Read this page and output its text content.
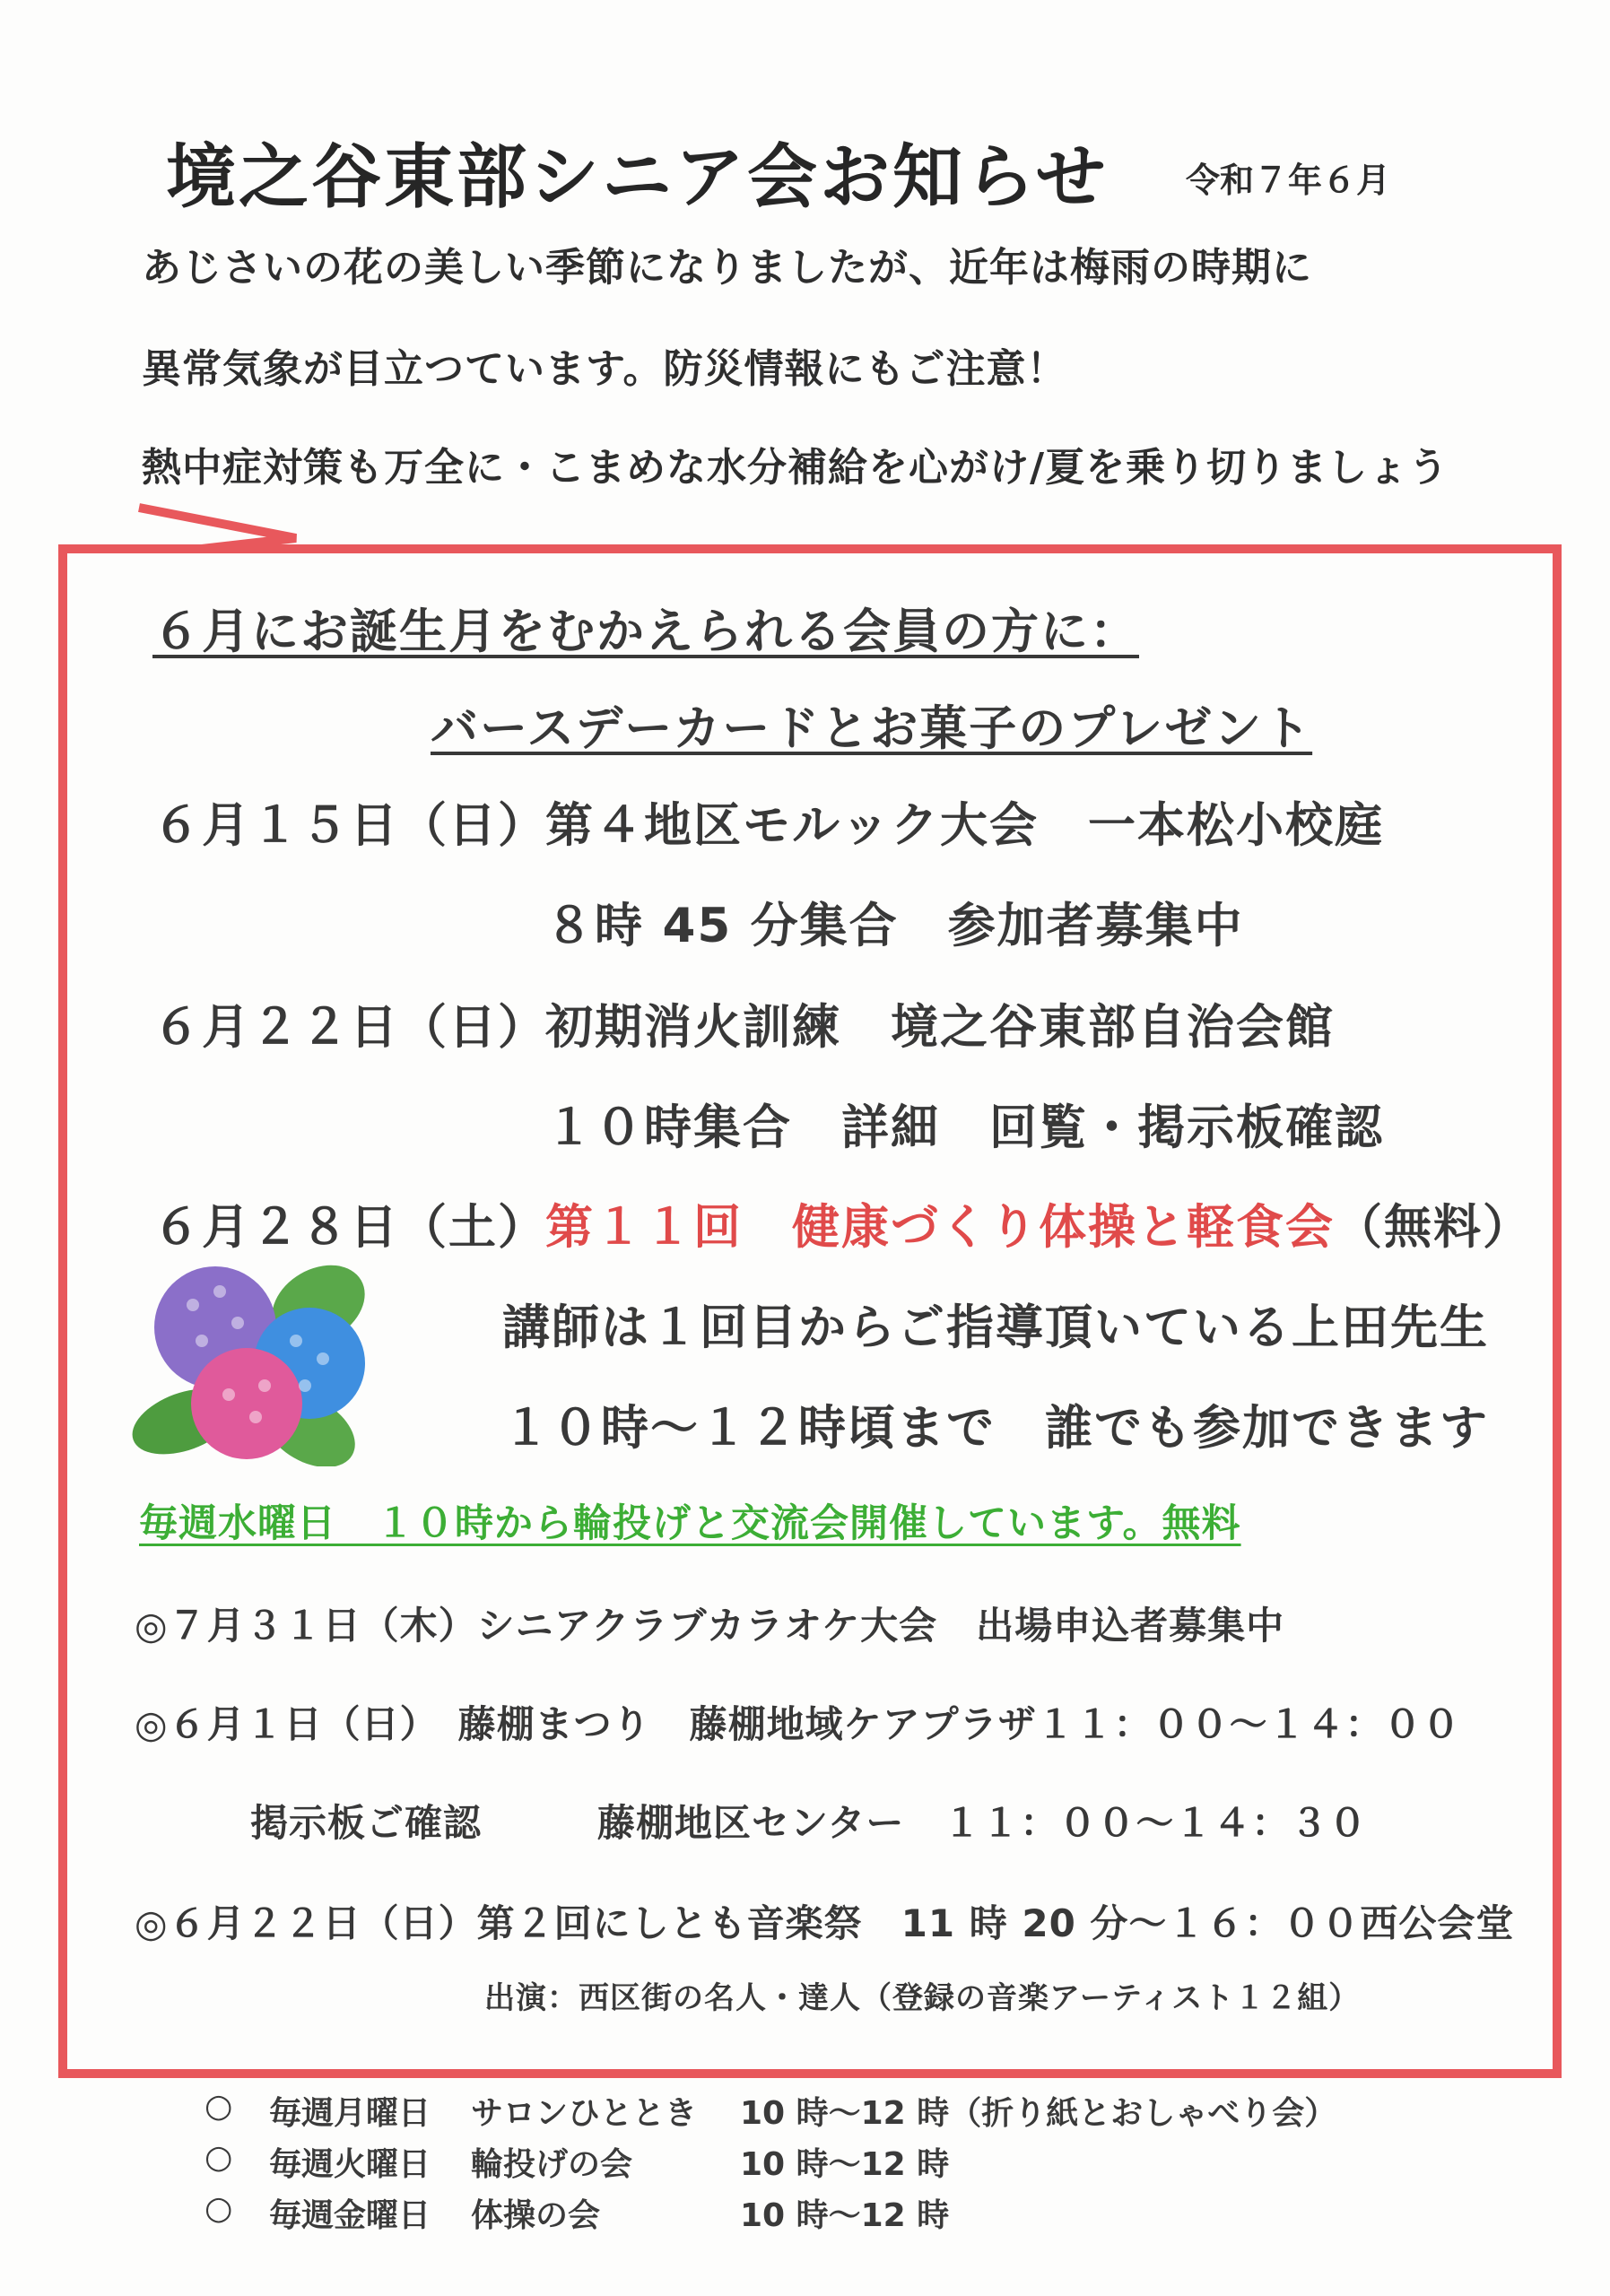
境之谷東部シニア会お知らせ 令和７年６月
あじさいの花の美しい季節になりましたが、近年は梅雨の時期に
異常気象が目立つています。防災情報にもご注意！
熱中症対策も万全に・こまめな水分補給を心がけ/夏を乗り切りましょう
６月にお誕生月をむかえられる会員の方に：
バースデーカードとお菓子のプレゼント
６月１５日（日）
第４地区モルック大会　一本松小校庭
８時 45 分集合　参加者募集中
６月２２日（日）
初期消火訓練　境之谷東部自治会館
１０時集合　詳細　回覧・掲示板確認
６月２８日（土）
第１１回　健康づくり体操と軽食会 （無料）
講師は１回目からご指導頂いている上田先生
１０時～１２時頃まで　誰でも参加できます
毎週水曜日　１０時から輪投げと交流会開催しています。無料
◎７月３１日（木）シニアクラブカラオケ大会　出場申込者募集中
◎６月１日（日）　藤棚まつり　藤棚地域ケアプラザ１１：００～１４：００
　　　掲示板ご確認　　　藤棚地区センター　１１：００～１４：３０
◎６月２２日（日）第２回にしとも音楽祭　11 時 20 分～１６：００西公会堂
出演：西区街の名人・達人（登録の音楽アーティスト１２組）
○ 毎週月曜日 サロンひととき 10 時～12 時（折り紙とおしゃべり会）
○ 毎週火曜日 輪投げの会	10 時～12 時
○ 毎週金曜日 体操の会	10 時～12 時
